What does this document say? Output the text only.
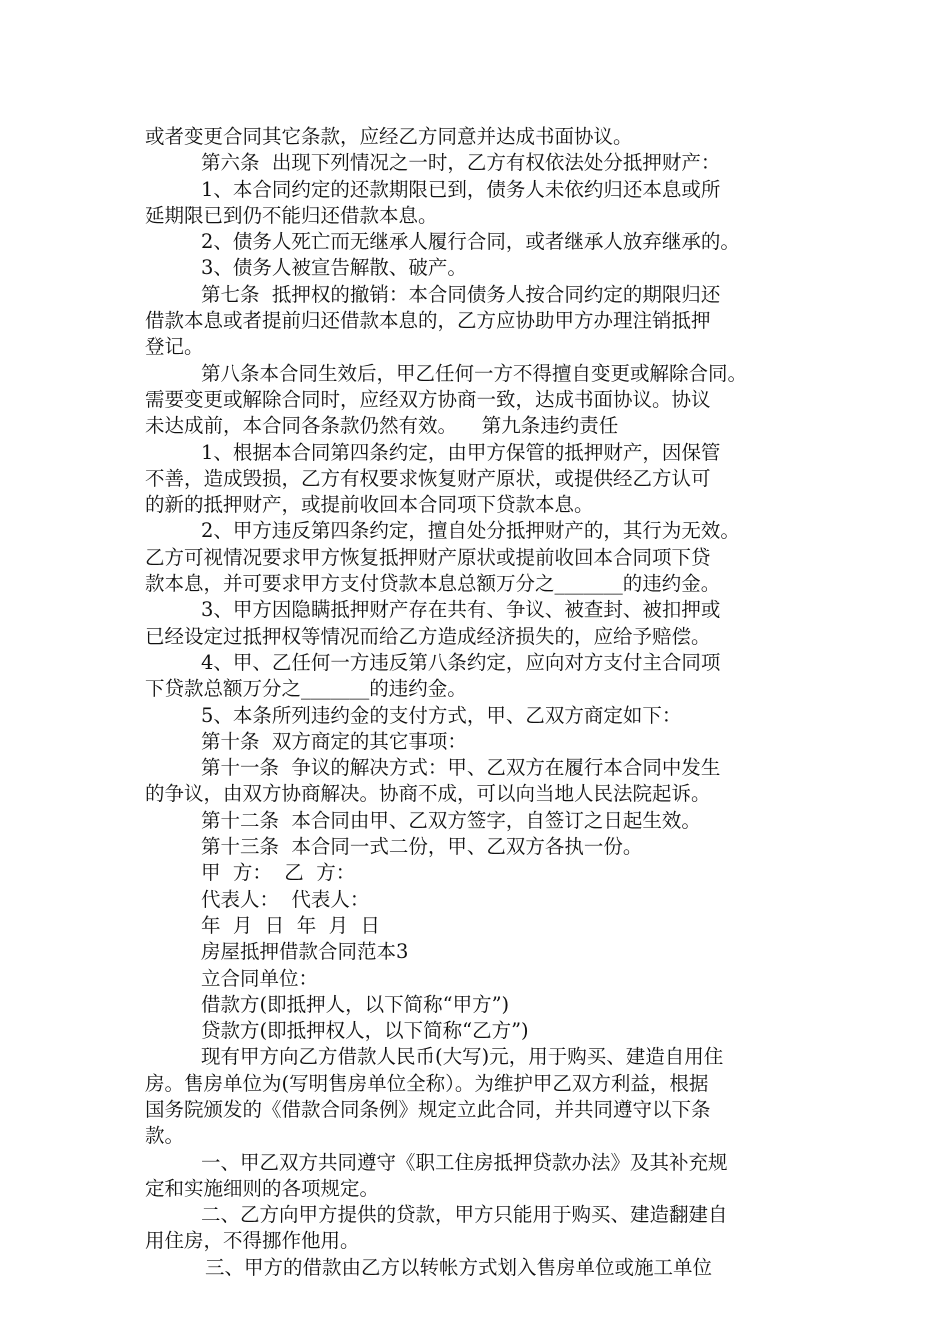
或者变更合同其它条款，应经乙方同意并达成书面协议。
第六条  出现下列情况之一时，乙方有权依法处分抵押财产：
1、本合同约定的还款期限已到，债务人未依约归还本息或所
延期限已到仍不能归还借款本息。
2、债务人死亡而无继承人履行合同，或者继承人放弃继承的。
3、债务人被宣告解散、破产。
第七条  抵押权的撤销：本合同债务人按合同约定的期限归还
借款本息或者提前归还借款本息的，乙方应协助甲方办理注销抵押
登记。
第八条本合同生效后，甲乙任何一方不得擅自变更或解除合同。
需要变更或解除合同时，应经双方协商一致，达成书面协议。协议
未达成前，本合同各条款仍然有效。    第九条违约责任
1、根据本合同第四条约定，由甲方保管的抵押财产，因保管
不善，造成毁损，乙方有权要求恢复财产原状，或提供经乙方认可
的新的抵押财产，或提前收回本合同项下贷款本息。
2、甲方违反第四条约定，擅自处分抵押财产的，其行为无效。
乙方可视情况要求甲方恢复抵押财产原状或提前收回本合同项下贷
款本息，并可要求甲方支付贷款本息总额万分之_______的违约金。
3、甲方因隐瞒抵押财产存在共有、争议、被查封、被扣押或
已经设定过抵押权等情况而给乙方造成经济损失的，应给予赔偿。
4、甲、乙任何一方违反第八条约定，应向对方支付主合同项
下贷款总额万分之_______的违约金。
5、本条所列违约金的支付方式，甲、乙双方商定如下：
第十条  双方商定的其它事项：
第十一条  争议的解决方式：甲、乙双方在履行本合同中发生
的争议，由双方协商解决。协商不成，可以向当地人民法院起诉。
第十二条  本合同由甲、乙双方签字，自签订之日起生效。
第十三条  本合同一式二份，甲、乙双方各执一份。
甲  方：  乙  方：
代表人：  代表人：
年  月  日  年  月  日
房屋抵押借款合同范本3
立合同单位：
借款方(即抵押人，以下简称“甲方”)
贷款方(即抵押权人，以下简称“乙方”)
现有甲方向乙方借款人民币(大写)元，用于购买、建造自用住
房。售房单位为(写明售房单位全称）。为维护甲乙双方利益，根据
国务院颁发的《借款合同条例》规定立此合同，并共同遵守以下条
款。
一、甲乙双方共同遵守《职工住房抵押贷款办法》及其补充规
定和实施细则的各项规定。
二、乙方向甲方提供的贷款，甲方只能用于购买、建造翻建自
用住房，不得挪作他用。
三、甲方的借款由乙方以转帐方式划入售房单位或施工单位
